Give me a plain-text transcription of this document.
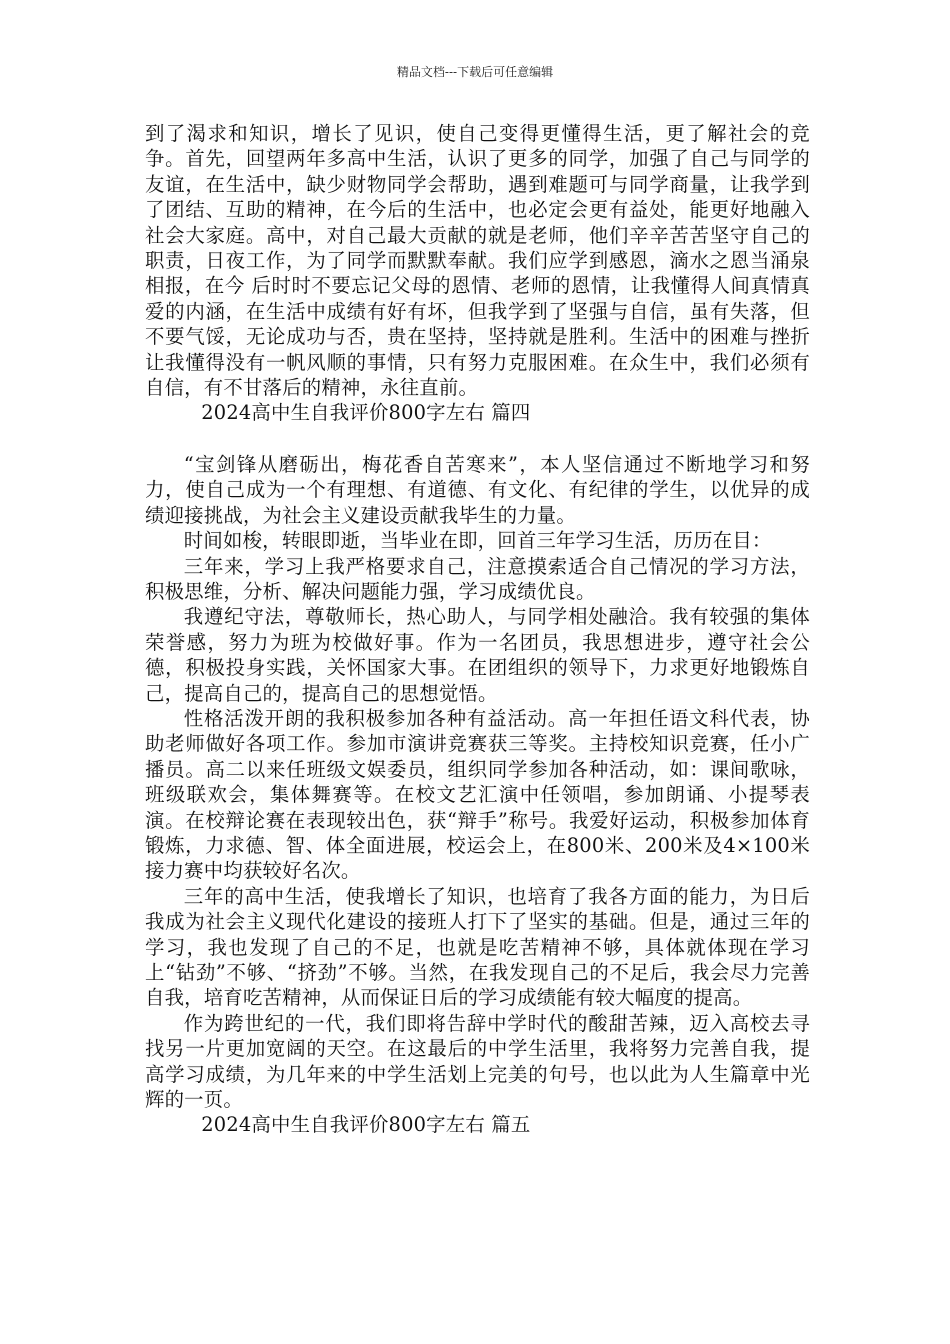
精品文档---下载后可任意编辑

到了渴求和知识，增长了见识，使自己变得更懂得生活，更了解社会的竞争。首先，回望两年多高中生活，认识了更多的同学，加强了自己与同学的友谊，在生活中，缺少财物同学会帮助，遇到难题可与同学商量，让我学到了团结、互助的精神，在今后的生活中，也必定会更有益处，能更好地融入社会大家庭。高中，对自己最大贡献的就是老师，他们辛辛苦苦坚守自己的职责，日夜工作，为了同学而默默奉献。我们应学到感恩，滴水之恩当涌泉相报，在今 后时时不要忘记父母的恩情、老师的恩情，让我懂得人间真情真爱的内涵，在生活中成绩有好有坏，但我学到了坚强与自信，虽有失落，但不要气馁，无论成功与否，贵在坚持，坚持就是胜利。生活中的困难与挫折让我懂得没有一帆风顺的事情，只有努力克服困难。在众生中，我们必须有自信，有不甘落后的精神，永往直前。

2024高中生自我评价800字左右 篇四

“宝剑锋从磨砺出，梅花香自苦寒来”，本人坚信通过不断地学习和努力，使自己成为一个有理想、有道德、有文化、有纪律的学生，以优异的成绩迎接挑战，为社会主义建设贡献我毕生的力量。

时间如梭，转眼即逝，当毕业在即，回首三年学习生活，历历在目：

三年来，学习上我严格要求自己，注意摸索适合自己情况的学习方法，积极思维，分析、解决问题能力强，学习成绩优良。

我遵纪守法，尊敬师长，热心助人，与同学相处融洽。我有较强的集体荣誉感，努力为班为校做好事。作为一名团员，我思想进步，遵守社会公德，积极投身实践，关怀国家大事。在团组织的领导下，力求更好地锻炼自己，提高自己的，提高自己的思想觉悟。

性格活泼开朗的我积极参加各种有益活动。高一年担任语文科代表，协助老师做好各项工作。参加市演讲竞赛获三等奖。主持校知识竞赛，任小广播员。高二以来任班级文娱委员，组织同学参加各种活动，如：课间歌咏，班级联欢会，集体舞赛等。在校文艺汇演中任领唱，参加朗诵、小提琴表演。在校辩论赛在表现较出色，获“辩手”称号。我爱好运动，积极参加体育锻炼，力求德、智、体全面进展，校运会上，在800米、200米及4×100米接力赛中均获较好名次。

三年的高中生活，使我增长了知识，也培育了我各方面的能力，为日后我成为社会主义现代化建设的接班人打下了坚实的基础。但是，通过三年的学习，我也发现了自己的不足，也就是吃苦精神不够，具体就体现在学习上“钻劲”不够、“挤劲”不够。当然，在我发现自己的不足后，我会尽力完善自我，培育吃苦精神，从而保证日后的学习成绩能有较大幅度的提高。

作为跨世纪的一代，我们即将告辞中学时代的酸甜苦辣，迈入高校去寻找另一片更加宽阔的天空。在这最后的中学生活里，我将努力完善自我，提高学习成绩，为几年来的中学生活划上完美的句号，也以此为人生篇章中光辉的一页。

2024高中生自我评价800字左右 篇五
